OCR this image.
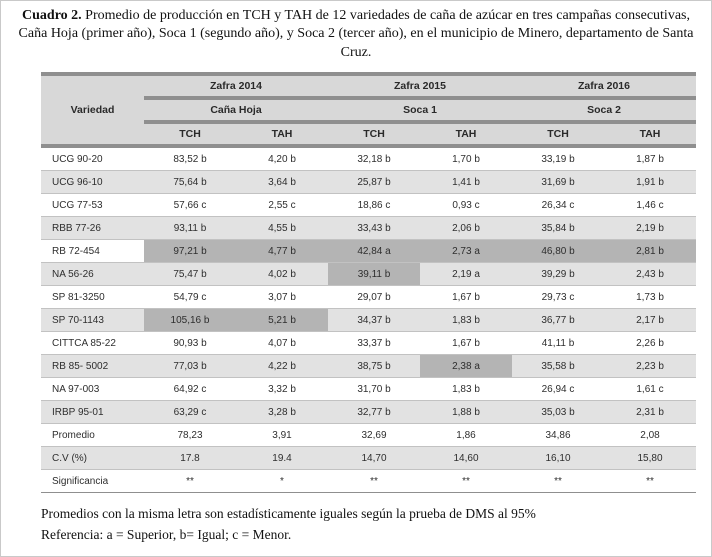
Cuadro 2. Promedio de producción en TCH y TAH de 12 variedades de caña de azúcar en tres campañas consecutivas, Caña Hoja (primer año), Soca 1 (segundo año), y Soca 2 (tercer año), en el municipio de Minero, departamento de Santa Cruz.

Variedad	Zafra 2014		Zafra 2015		Zafra 2016	

	Caña Hoja		Soca 1		Soca 2	

	TCH	TAH	TCH	TAH	TCH	TAH

UCG 90-20	83,52 b	4,20 b	32,18 b	1,70 b	33,19 b	1,87 b
UCG 96-10	75,64 b	3,64 b	25,87 b	1,41 b	31,69 b	1,91 b
UCG 77-53	57,66 c	2,55 c	18,86 c	0,93 c	26,34 c	1,46 c
RBB 77-26	93,11 b	4,55 b	33,43 b	2,06 b	35,84 b	2,19 b
RB 72-454	97,21 b	4,77 b	42,84 a	2,73 a	46,80 b	2,81 b
NA 56-26	75,47 b	4,02 b	39,11 b	2,19 a	39,29 b	2,43 b
SP 81-3250	54,79 c	3,07 b	29,07 b	1,67 b	29,73 c	1,73 b
SP 70-1143	105,16 b	5,21 b	34,37 b	1,83 b	36,77 b	2,17 b
CITTCA 85-22	90,93 b	4,07 b	33,37 b	1,67 b	41,11 b	2,26 b
RB 85- 5002	77,03 b	4,22 b	38,75 b	2,38 a	35,58 b	2,23 b
NA 97-003	64,92 c	3,32 b	31,70 b	1,83 b	26,94 c	1,61 c
IRBP 95-01	63,29 c	3,28 b	32,77 b	1,88 b	35,03 b	2,31 b
Promedio	78,23	3,91	32,69	1,86	34,86	2,08
C.V (%)	17.8	19.4	14,70	14,60	16,10	15,80
Significancia	**	*	**	**	**	**

Promedios con la misma letra son estadísticamente iguales según la prueba de DMS al 95%

Referencia: a = Superior, b= Igual; c = Menor.
